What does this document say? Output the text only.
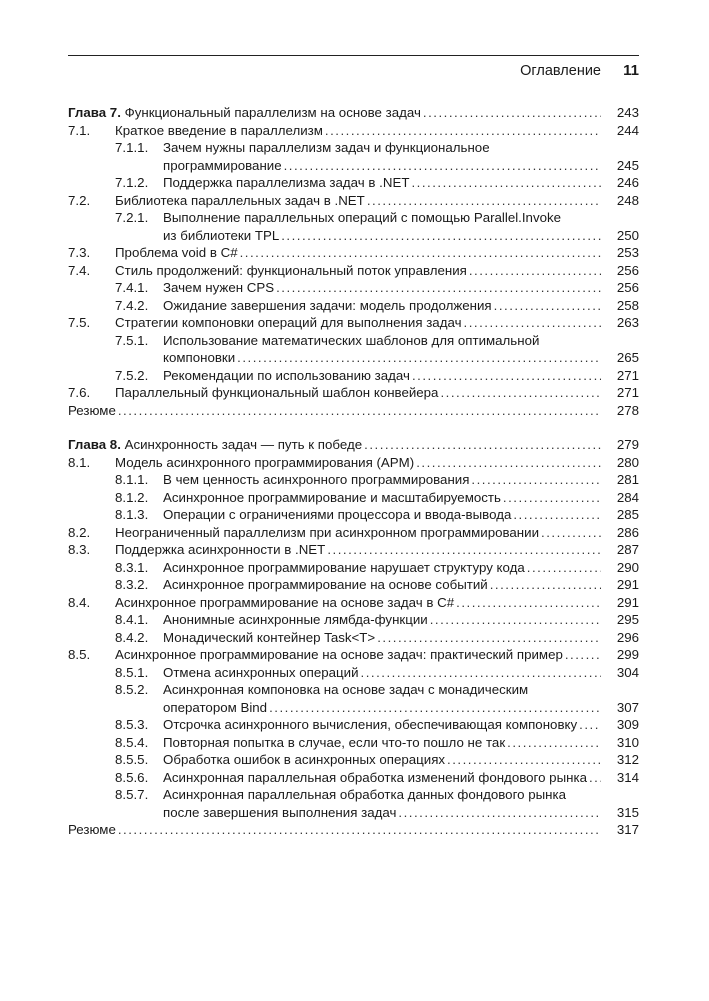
Оглавление 11
Глава 7. Функциональный параллелизм на основе задач . . .	243
7.1. Краткое введение в параллелизм . . .	244
7.1.1. Зачем нужны параллелизм задач и функциональное
программирование . . .	245
7.1.2. Поддержка параллелизма задач в .NET . . .	246
7.2. Библиотека параллельных задач в .NET . . .	248
7.2.1. Выполнение параллельных операций с помощью Parallel.Invoke
из библиотеки TPL . . .	250
7.3. Проблема void в C# . . .	253
7.4. Стиль продолжений: функциональный поток управления . . .	256
7.4.1. Зачем нужен CPS . . .	256
7.4.2. Ожидание завершения задачи: модель продолжения . . .	258
7.5. Стратегии компоновки операций для выполнения задач . . .	263
7.5.1. Использование математических шаблонов для оптимальной
компоновки . . .	265
7.5.2. Рекомендации по использованию задач . . .	271
7.6. Параллельный функциональный шаблон конвейера . . .	271
Резюме . . .	278
Глава 8. Асинхронность задач — путь к победе . . .	279
8.1. Модель асинхронного программирования (APM) . . .	280
8.1.1. В чем ценность асинхронного программирования . . .	281
8.1.2. Асинхронное программирование и масштабируемость . . .	284
8.1.3. Операции с ограничениями процессора и ввода-вывода . . .	285
8.2. Неограниченный параллелизм при асинхронном программировании . . .	286
8.3. Поддержка асинхронности в .NET . . .	287
8.3.1. Асинхронное программирование нарушает структуру кода . . .	290
8.3.2. Асинхронное программирование на основе событий . . .	291
8.4. Асинхронное программирование на основе задач в C# . . .	291
8.4.1. Анонимные асинхронные лямбда-функции . . .	295
8.4.2. Монадический контейнер Task<T> . . .	296
8.5. Асинхронное программирование на основе задач: практический пример . . .	299
8.5.1. Отмена асинхронных операций . . .	304
8.5.2. Асинхронная компоновка на основе задач с монадическим
оператором Bind . . .	307
8.5.3. Отсрочка асинхронного вычисления, обеспечивающая компоновку . . .	309
8.5.4. Повторная попытка в случае, если что-то пошло не так . . .	310
8.5.5. Обработка ошибок в асинхронных операциях . . .	312
8.5.6. Асинхронная параллельная обработка изменений фондового рынка . . .	314
8.5.7. Асинхронная параллельная обработка данных фондового рынка
после завершения выполнения задач . . .	315
Резюме . . .	317
